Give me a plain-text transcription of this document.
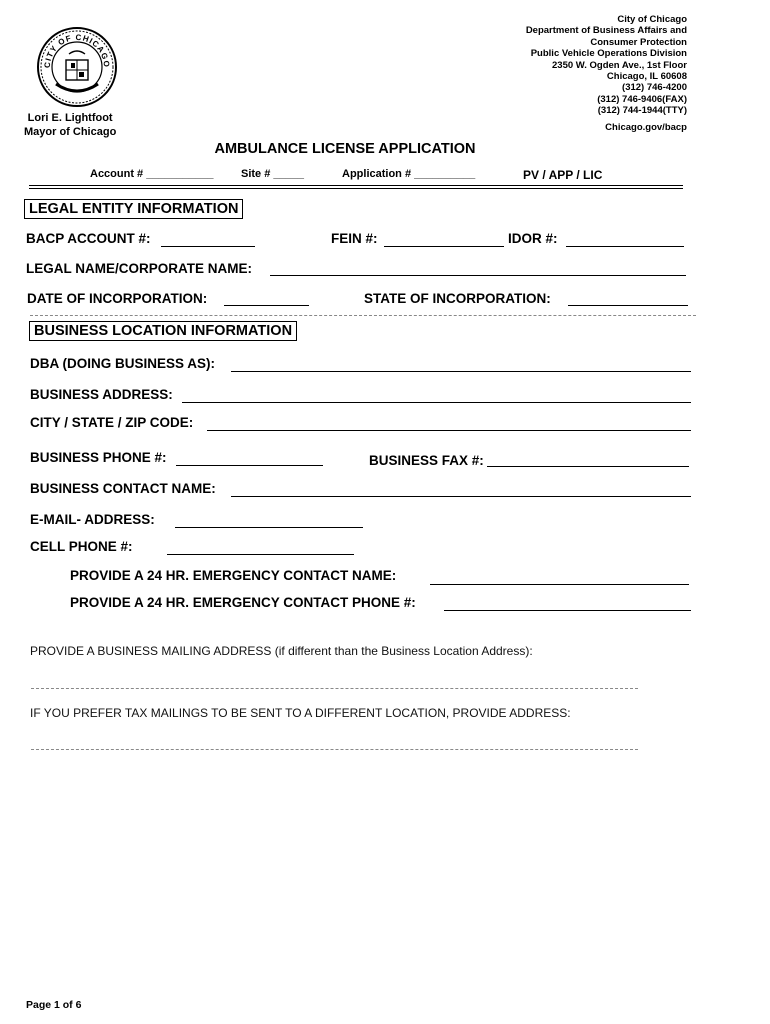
CITY OF CHICAGO
City of Chicago
Department of Business Affairs and
Consumer Protection
Public Vehicle Operations Division
2350 W. Ogden Ave., 1st Floor
Chicago, IL 60608
(312) 746-4200
(312) 746-9406(FAX)
(312) 744-1944(TTY)
Chicago.gov/bacp
Lori E. Lightfoot
Mayor of Chicago
AMBULANCE LICENSE APPLICATION
Account # ___________ Site # _____	Application # __________	PV / APP / LIC
LEGAL ENTITY INFORMATION
BACP ACCOUNT #:	FEIN #:	IDOR #:
LEGAL NAME/CORPORATE NAME:
DATE OF INCORPORATION:	STATE OF INCORPORATION:
BUSINESS LOCATION INFORMATION
DBA (DOING BUSINESS AS):
BUSINESS ADDRESS:
CITY / STATE / ZIP CODE:
BUSINESS PHONE #:	BUSINESS FAX #:
BUSINESS CONTACT NAME:
E-MAIL- ADDRESS:
CELL PHONE #:
PROVIDE A 24 HR. EMERGENCY CONTACT NAME:
PROVIDE A 24 HR. EMERGENCY CONTACT PHONE #:
PROVIDE A BUSINESS MAILING ADDRESS (if different than the Business Location Address):
IF YOU PREFER TAX MAILINGS TO BE SENT TO A DIFFERENT LOCATION, PROVIDE ADDRESS:
Page 1 of 6
